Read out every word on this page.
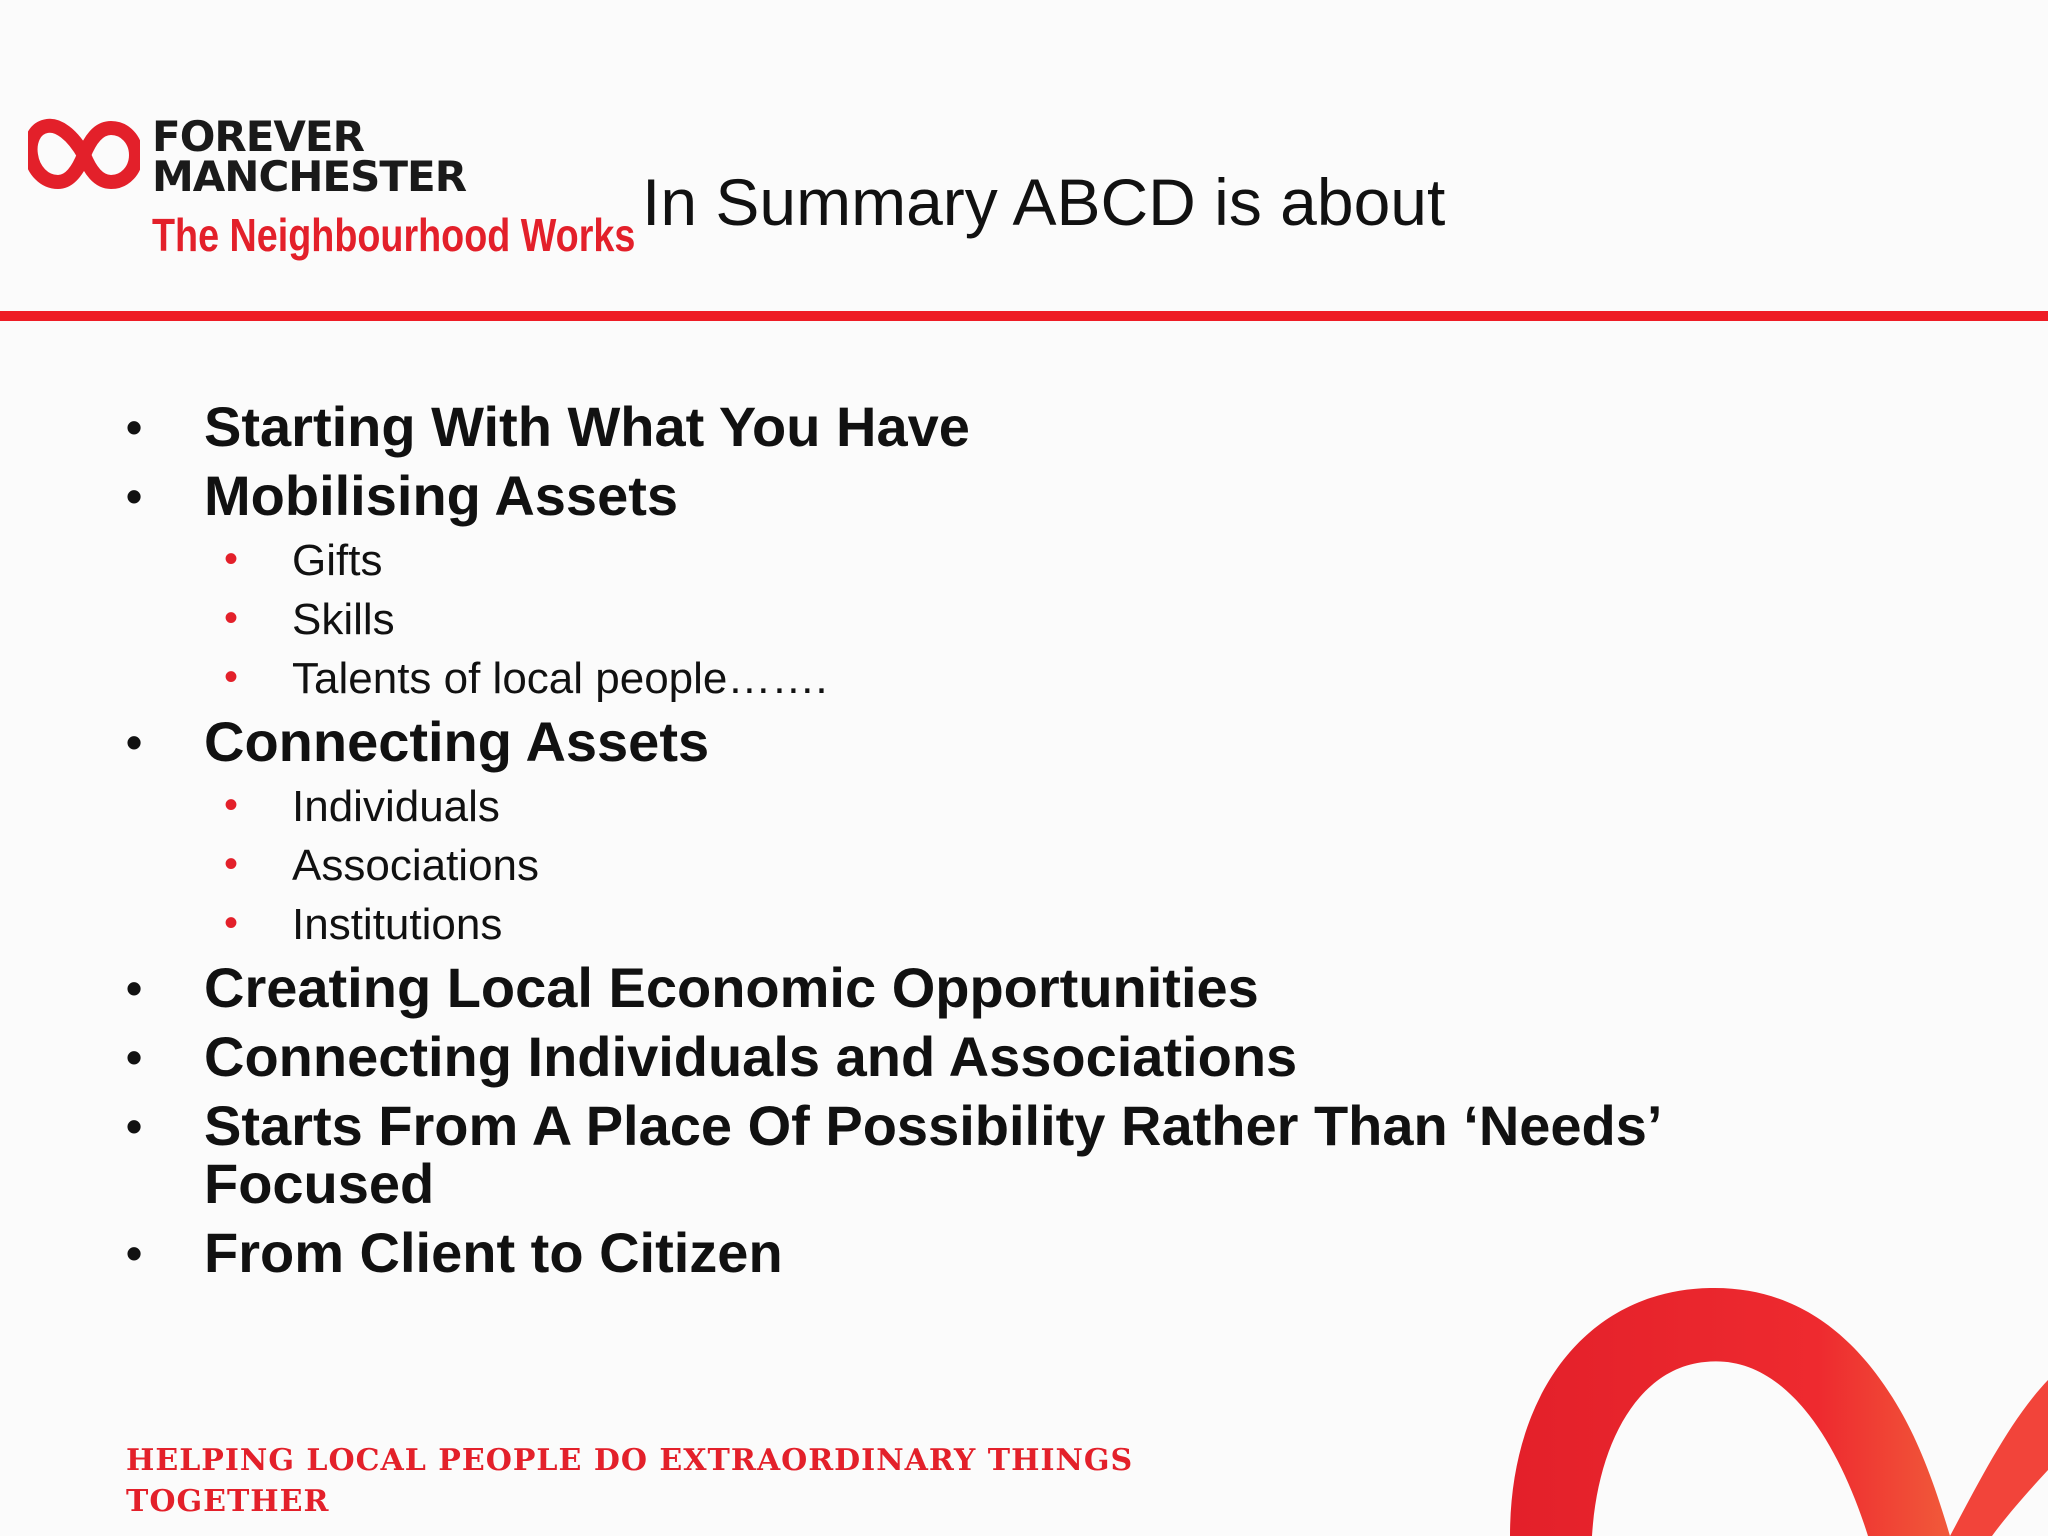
FOREVER
MANCHESTER
The Neighbourhood Works In Summary ABCD is about
• Starting With What You Have
• Mobilising Assets
• Gifts
• Skills
• Talents of local people…….
• Connecting Assets
• Individuals
• Associations
• Institutions
• Creating Local Economic Opportunities
• Connecting Individuals and Associations
• Starts From A Place Of Possibility Rather Than ‘Needs’ Focused
• From Client to Citizen
HELPING LOCAL PEOPLE DO EXTRAORDINARY THINGS
TOGETHER
